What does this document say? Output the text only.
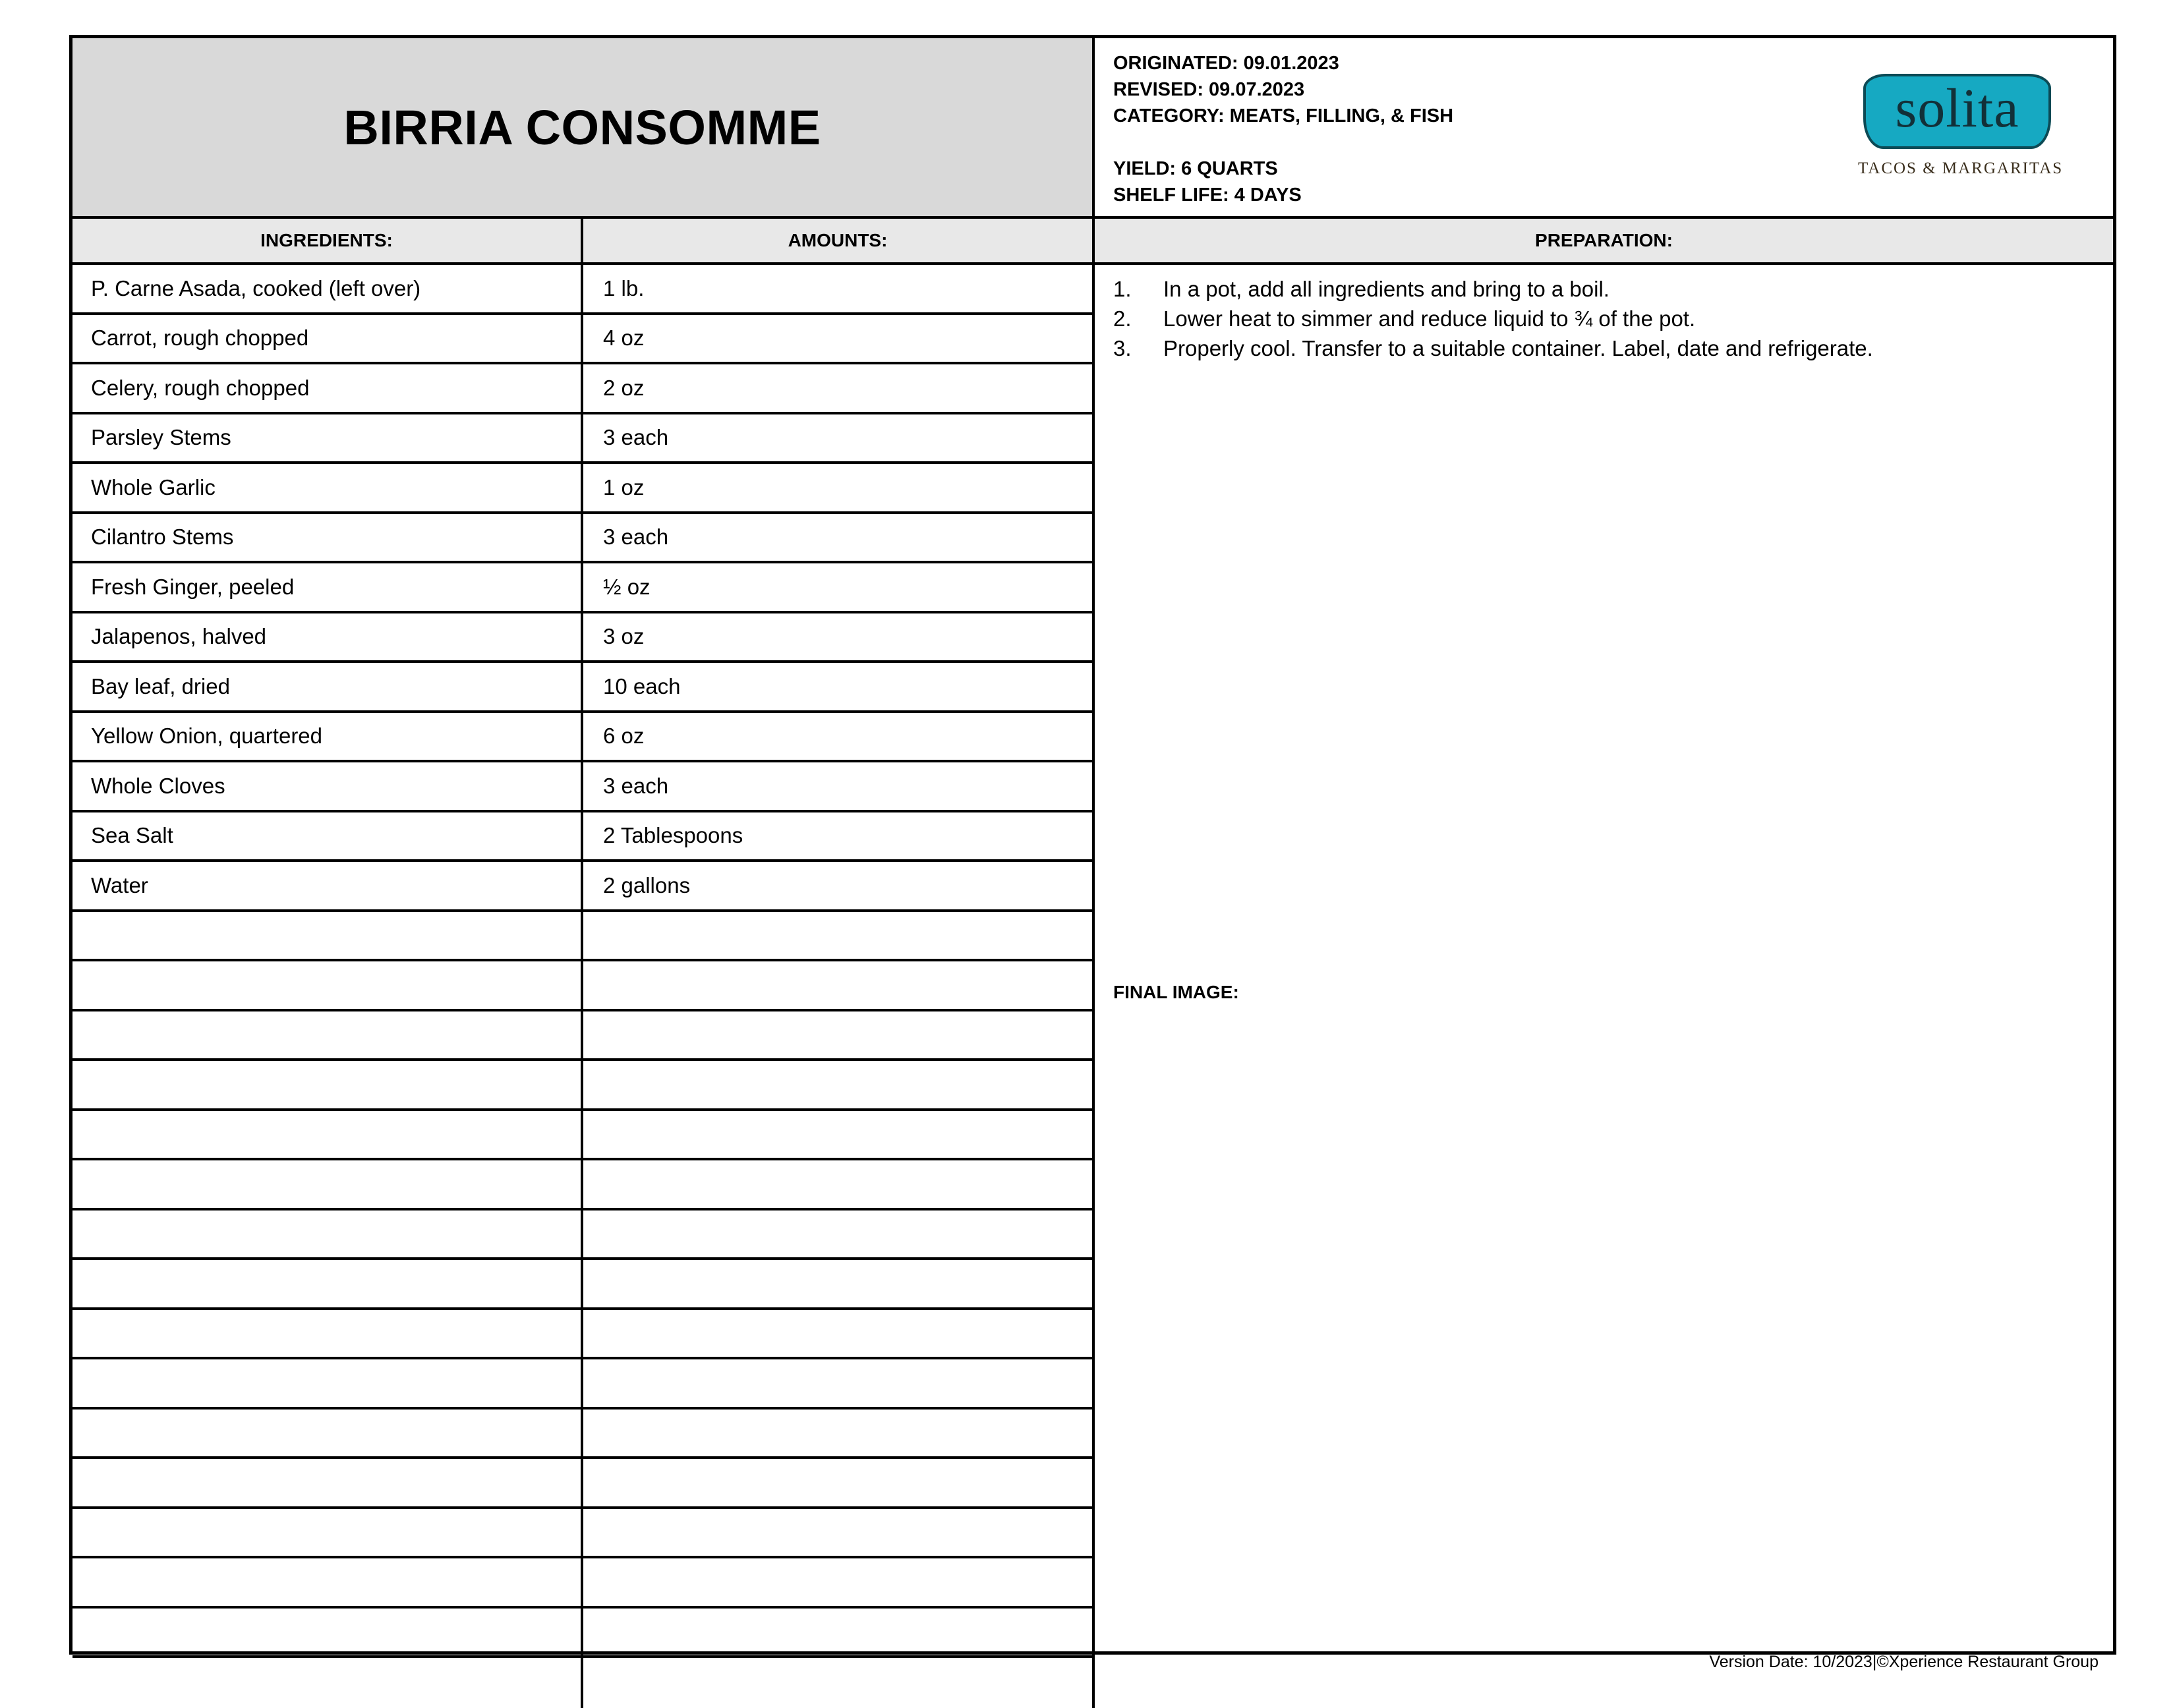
BIRRIA CONSOMME
ORIGINATED: 09.01.2023
REVISED: 09.07.2023
CATEGORY: MEATS, FILLING, & FISH
YIELD: 6 QUARTS
SHELF LIFE: 4 DAYS
solita
TACOS & MARGARITAS
INGREDIENTS:	AMOUNTS:	PREPARATION:
P. Carne Asada, cooked (left over)	1 lb.
Carrot, rough chopped	4 oz
Celery, rough chopped	2 oz
Parsley Stems	3 each
Whole Garlic	1 oz
Cilantro Stems	3 each
Fresh Ginger, peeled	½ oz
Jalapenos, halved	3 oz
Bay leaf, dried	10 each
Yellow Onion, quartered	6 oz
Whole Cloves	3 each
Sea Salt	2 Tablespoons
Water	2 gallons
1.	In a pot, add all ingredients and bring to a boil.
2.	Lower heat to simmer and reduce liquid to ¾ of the pot.
3.	Properly cool. Transfer to a suitable container. Label, date and refrigerate.
FINAL IMAGE:
Version Date: 10/2023|©Xperience Restaurant Group
